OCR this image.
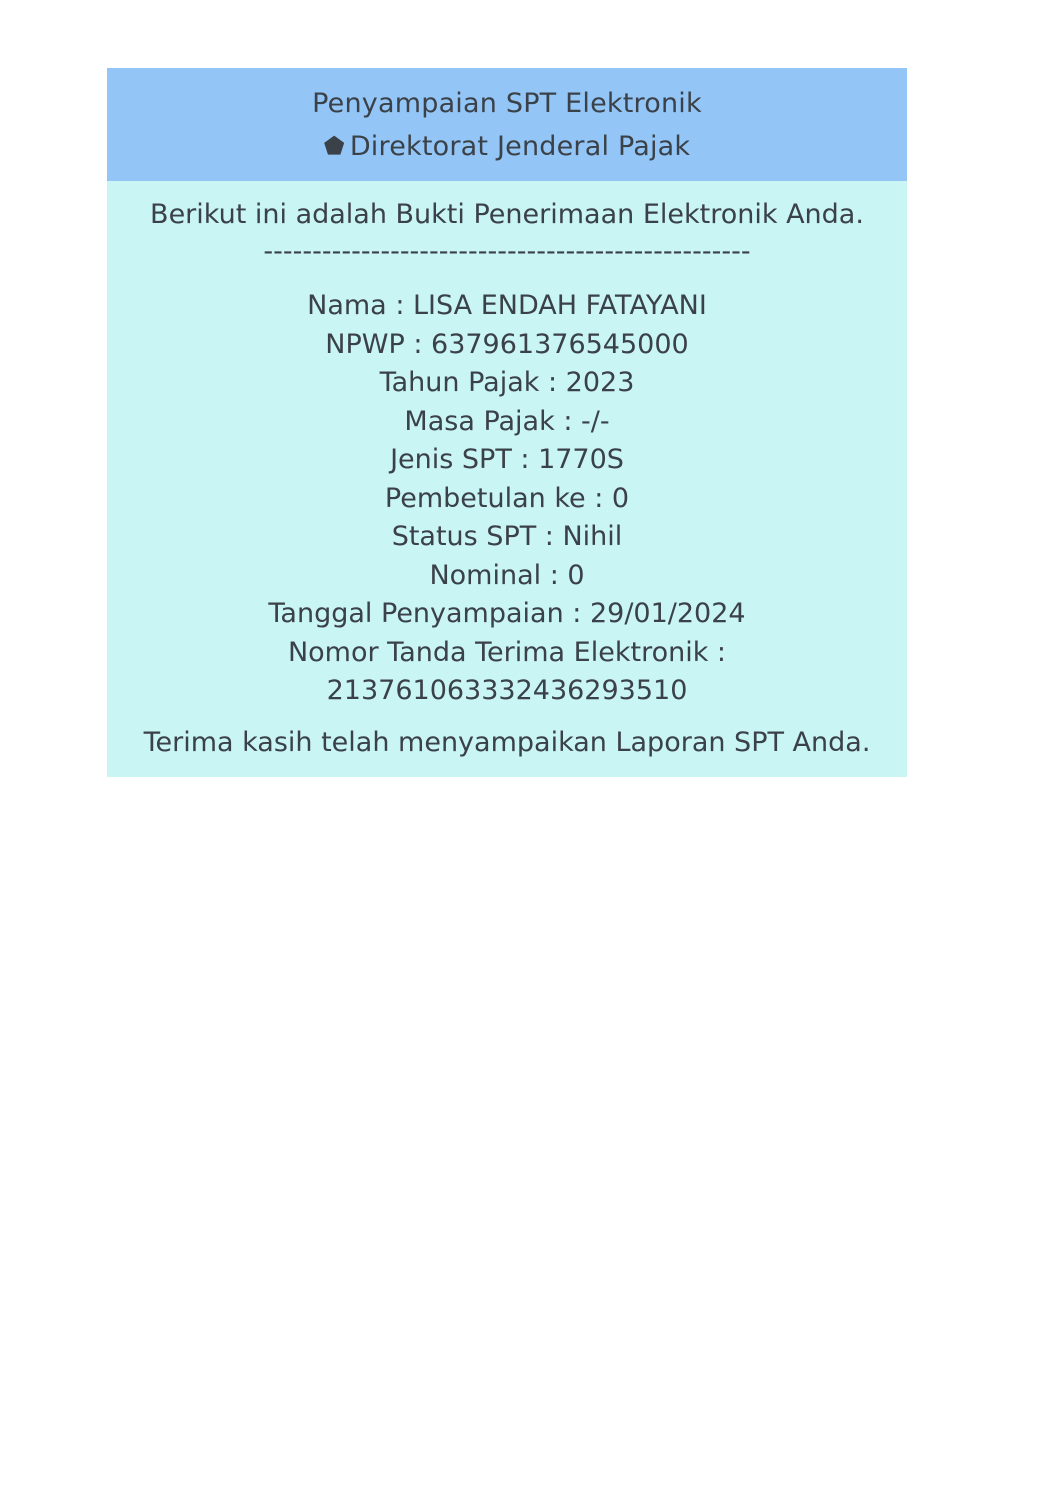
Penyampaian SPT Elektronik
⬟ Direktorat Jenderal Pajak
Berikut ini adalah Bukti Penerimaan Elektronik Anda.
--------------------------------------------------
Nama : LISA ENDAH FATAYANI
NPWP : 637961376545000
Tahun Pajak : 2023
Masa Pajak : -/-
Jenis SPT : 1770S
Pembetulan ke : 0
Status SPT : Nihil
Nominal : 0
Tanggal Penyampaian : 29/01/2024
Nomor Tanda Terima Elektronik :
213761063332436293510
Terima kasih telah menyampaikan Laporan SPT Anda.
